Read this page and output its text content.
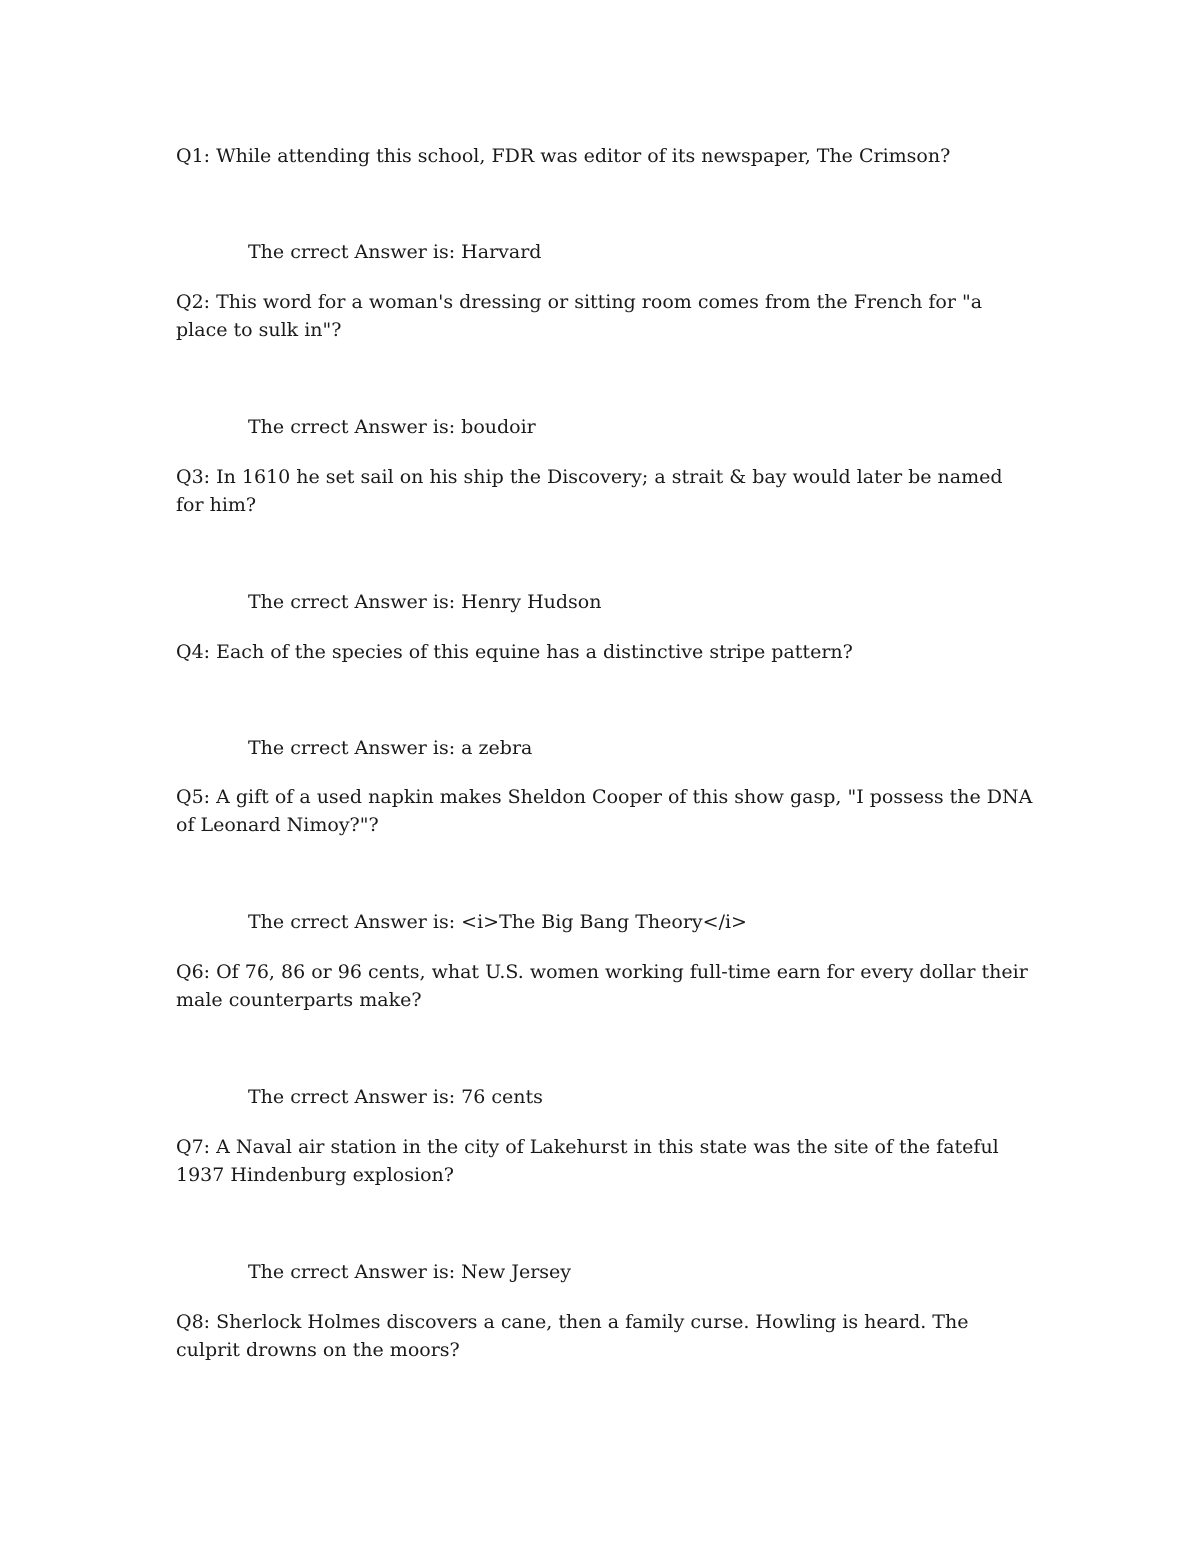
Q1: While attending this school, FDR was editor of its newspaper, The Crimson?

The crrect Answer is: Harvard

Q2: This word for a woman's dressing or sitting room comes from the French for "a place to sulk in"?

The crrect Answer is: boudoir

Q3: In 1610 he set sail on his ship the Discovery; a strait & bay would later be named for him?

The crrect Answer is: Henry Hudson

Q4: Each of the species of this equine has a distinctive stripe pattern?

The crrect Answer is: a zebra

Q5: A gift of a used napkin makes Sheldon Cooper of this show gasp, "I possess the DNA of Leonard Nimoy?"?

The crrect Answer is: <i>The Big Bang Theory</i>

Q6: Of 76, 86 or 96 cents, what U.S. women working full-time earn for every dollar their male counterparts make?

The crrect Answer is: 76 cents

Q7: A Naval air station in the city of Lakehurst in this state was the site of the fateful 1937 Hindenburg explosion?

The crrect Answer is: New Jersey

Q8: Sherlock Holmes discovers a cane, then a family curse. Howling is heard. The culprit drowns on the moors?
